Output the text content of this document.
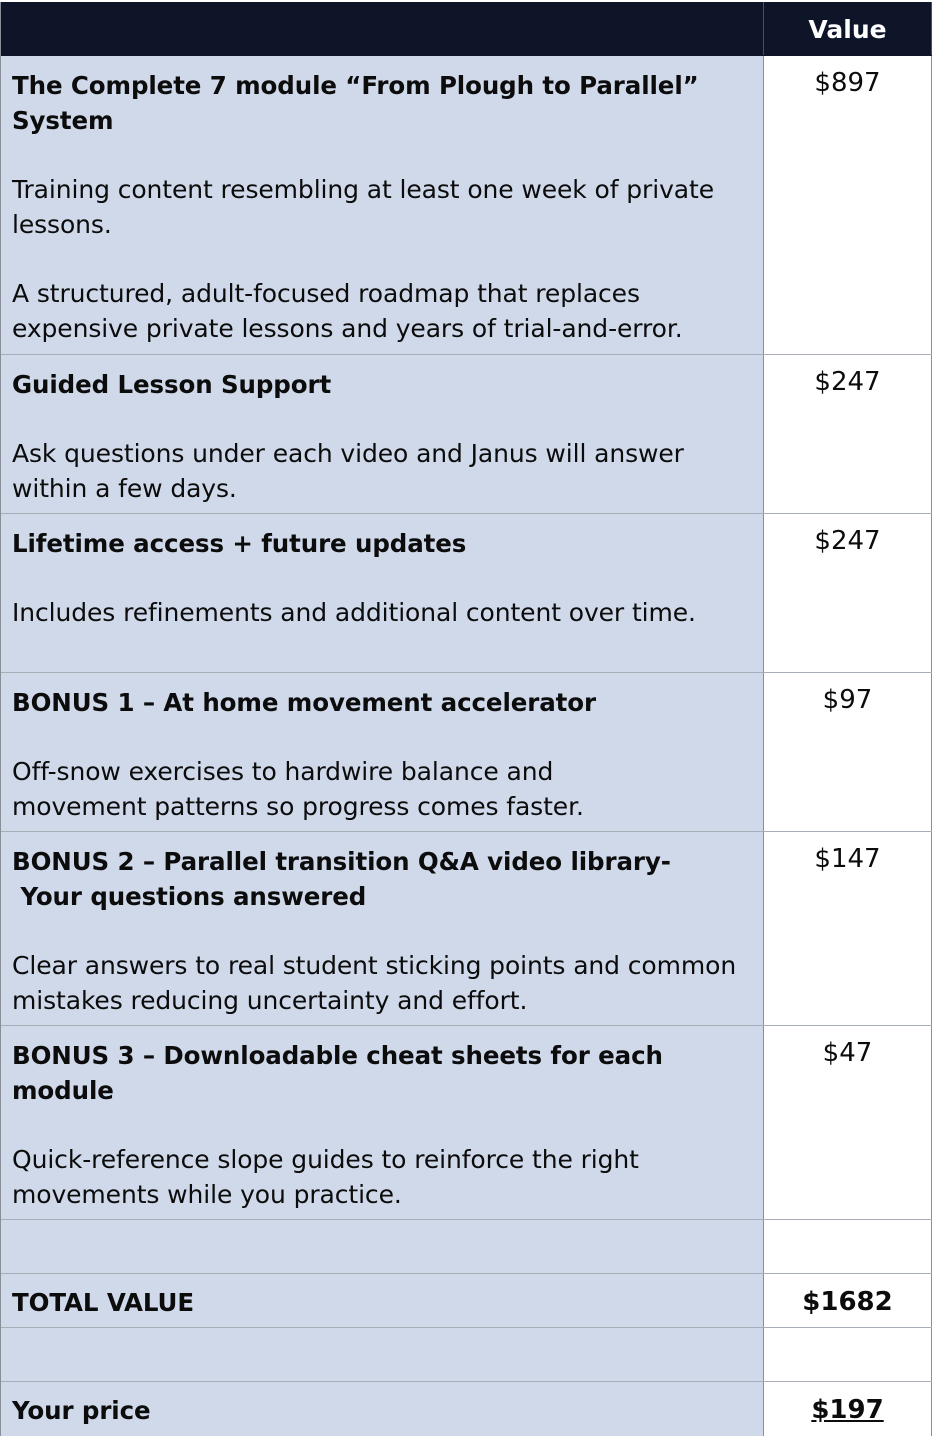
Value

The Complete 7 module “From Plough to Parallel” System

Training content resembling at least one week of private lessons.

A structured, adult-focused roadmap that replaces expensive private lessons and years of trial-and-error.

$897

Guided Lesson Support

Ask questions under each video and Janus will answer within a few days.

$247

Lifetime access + future updates

Includes refinements and additional content over time.

$247

BONUS 1 – At home movement accelerator

Off-snow exercises to hardwire balance and movement patterns so progress comes faster.

$97

BONUS 2 – Parallel transition Q&A video library-
Your questions answered

Clear answers to real student sticking points and common mistakes reducing uncertainty and effort.

$147

BONUS 3 – Downloadable cheat sheets for each module

Quick-reference slope guides to reinforce the right movements while you practice.

$47

TOTAL VALUE	$1682

Your price	$197
